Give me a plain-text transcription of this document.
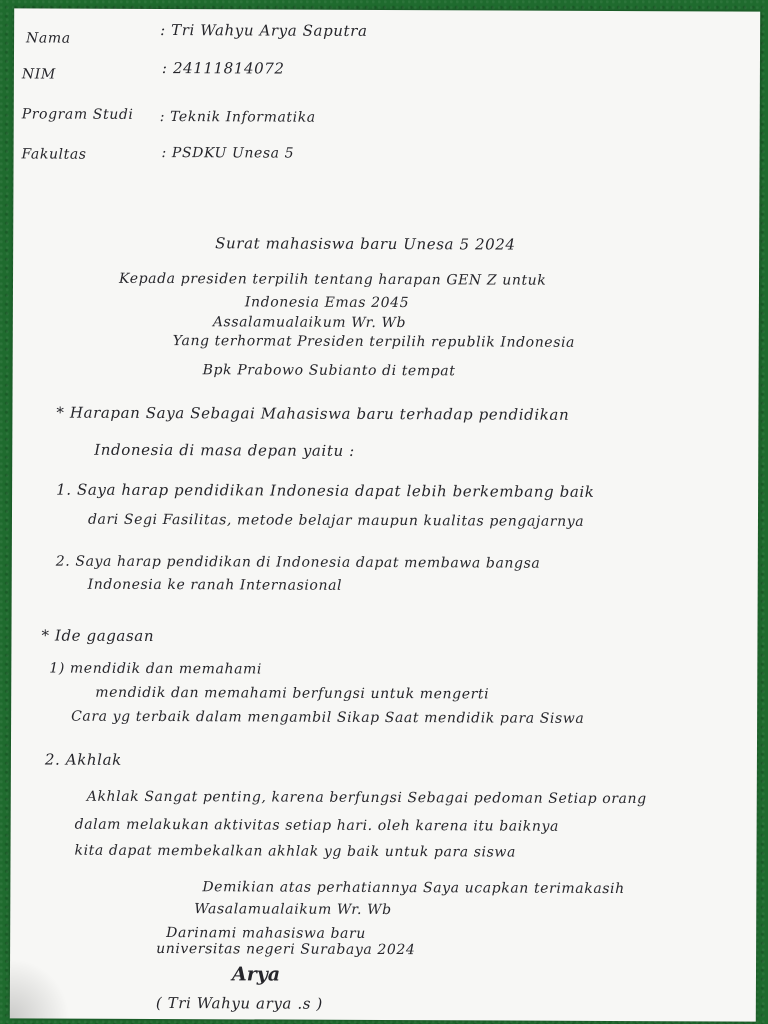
Nama	: Tri Wahyu Arya Saputra
NIM	: 24111814072
Program Studi : Teknik Informatika
Fakultas	: PSDKU Unesa 5
Surat mahasiswa baru Unesa 5 2024
Kepada presiden terpilih tentang harapan GEN Z untuk
Indonesia Emas 2045
Assalamualaikum Wr. Wb
Yang terhormat Presiden terpilih republik Indonesia
Bpk Prabowo Subianto di tempat
* Harapan Saya Sebagai Mahasiswa baru terhadap pendidikan
Indonesia di masa depan yaitu :
1. Saya harap pendidikan Indonesia dapat lebih berkembang baik
dari Segi Fasilitas, metode belajar maupun kualitas pengajarnya
2. Saya harap pendidikan di Indonesia dapat membawa bangsa
Indonesia ke ranah Internasional
* Ide gagasan
1) mendidik dan memahami
mendidik dan memahami berfungsi untuk mengerti
Cara yg terbaik dalam mengambil Sikap Saat mendidik para Siswa
2. Akhlak
Akhlak Sangat penting, karena berfungsi Sebagai pedoman Setiap orang
dalam melakukan aktivitas setiap hari. oleh karena itu baiknya
kita dapat membekalkan akhlak yg baik untuk para siswa
Demikian atas perhatiannya Saya ucapkan terimakasih
Wasalamualaikum Wr. Wb
Darinami mahasiswa baru
universitas negeri Surabaya 2024
Arya
( Tri Wahyu arya .s )
